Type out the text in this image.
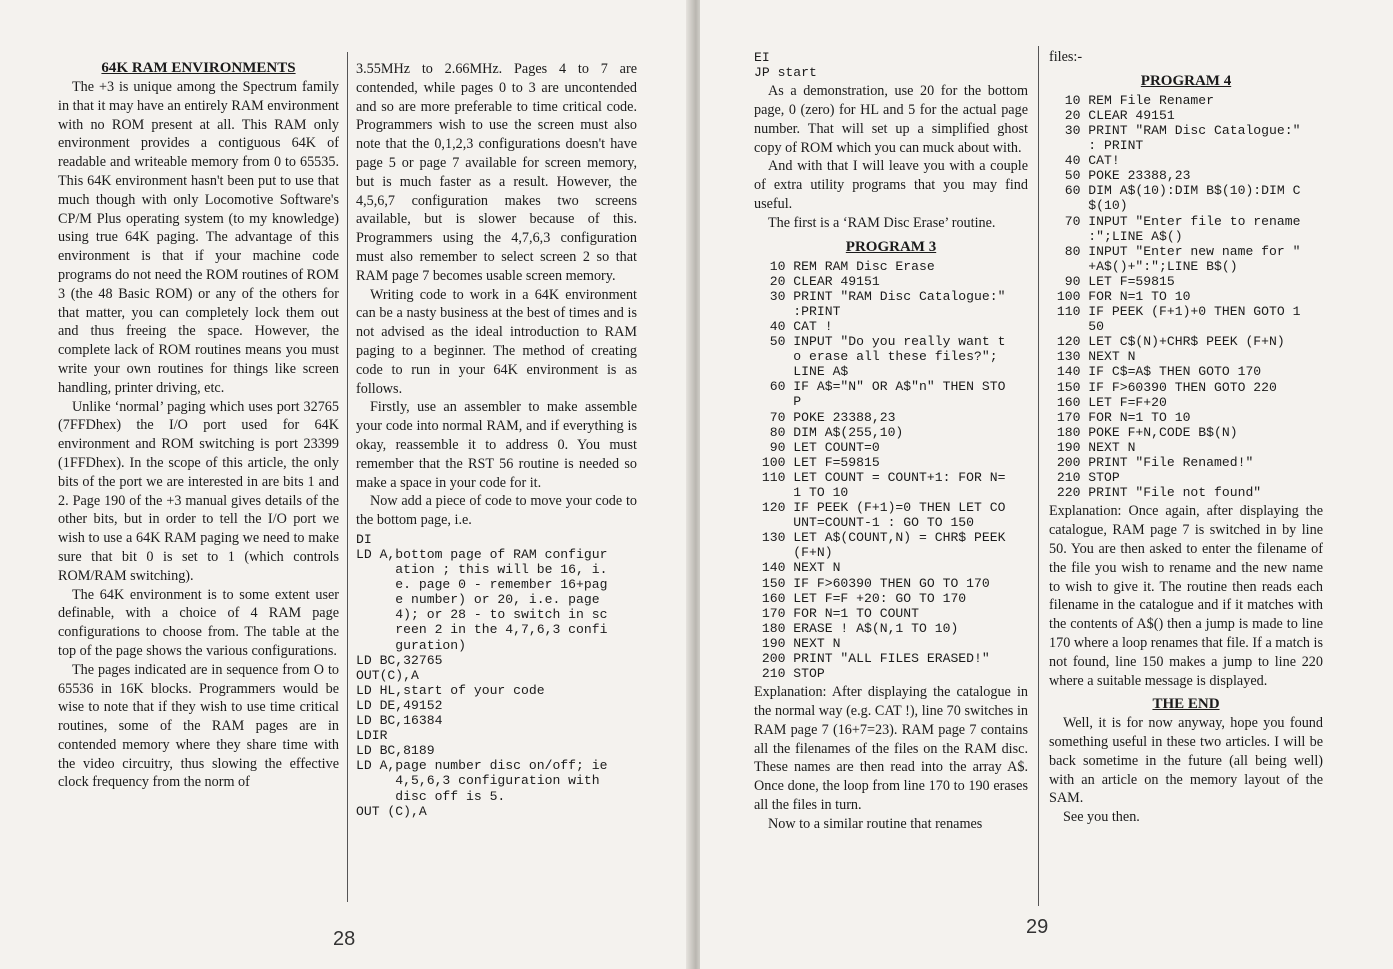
64K RAM ENVIRONMENTS

The +3 is unique among the Spectrum family in that it may have an entirely RAM environment with no ROM present at all. This RAM only environment provides a contiguous 64K of readable and writeable memory from 0 to 65535. This 64K environment hasn't been put to use that much though with only Locomotive Software's CP/M Plus operating system (to my knowledge) using true 64K paging. The advantage of this environment is that if your machine code programs do not need the ROM routines of ROM 3 (the 48 Basic ROM) or any of the others for that matter, you can completely lock them out and thus freeing the space. However, the complete lack of ROM routines means you must write your own routines for things like screen handling, printer driving, etc.

Unlike ‘normal’ paging which uses port 32765 (7FFDhex) the I/O port used for 64K environment and ROM switching is port 23399 (1FFDhex). In the scope of this article, the only bits of the port we are interested in are bits 1 and 2. Page 190 of the +3 manual gives details of the other bits, but in order to tell the I/O port we wish to use a 64K RAM paging we need to make sure that bit 0 is set to 1 (which controls ROM/RAM switching).

The 64K environment is to some extent user definable, with a choice of 4 RAM page configurations to choose from. The table at the top of the page shows the various configurations.

The pages indicated are in sequence from O to 65536 in 16K blocks. Programmers would be wise to note that if they wish to use time critical routines, some of the RAM pages are in contended memory where they share time with the video circuitry, thus slowing the effective clock frequency from the norm of

3.55MHz to 2.66MHz. Pages 4 to 7 are contended, while pages 0 to 3 are uncontended and so are more preferable to time critical code. Programmers wish to use the screen must also note that the 0,1,2,3 configurations doesn't have page 5 or page 7 available for screen memory, but is much faster as a result. However, the 4,5,6,7 configuration makes two screens available, but is slower because of this. Programmers using the 4,7,6,3 configuration must also remember to select screen 2 so that RAM page 7 becomes usable screen memory.

Writing code to work in a 64K environment can be a nasty business at the best of times and is not advised as the ideal introduction to RAM paging to a beginner. The method of creating code to run in your 64K environment is as follows.

Firstly, use an assembler to make assemble your code into normal RAM, and if everything is okay, reassemble it to address 0. You must remember that the RST 56 routine is needed so make a space in your code for it.

Now add a piece of code to move your code to the bottom page, i.e.

DI
LD A,bottom page of RAM configur
ation ; this will be 16, i.
e. page 0 - remember 16+pag
e number) or 20, i.e. page
4); or 28 - to switch in sc
reen 2 in the 4,7,6,3 confi
guration)
LD BC,32765
OUT(C),A
LD HL,start of your code
LD DE,49152
LD BC,16384
LDIR
LD BC,8189
LD A,page number disc on/off; ie
4,5,6,3 configuration with
disc off is 5.
OUT (C),A
28
EI
JP start

As a demonstration, use 20 for the bottom page, 0 (zero) for HL and 5 for the actual page number. That will set up a simplified ghost copy of ROM which you can muck about with.

And with that I will leave you with a couple of extra utility programs that you may find useful.

The first is a ‘RAM Disc Erase’ routine.

PROGRAM 3
10 REM RAM Disc Erase
20 CLEAR 49151
30 PRINT "RAM Disc Catalogue:"
:PRINT
40 CAT !
50 INPUT "Do you really want t
o erase all these files?";
LINE A$
60 IF A$="N" OR A$"n" THEN STO
P
70 POKE 23388,23
80 DIM A$(255,10)
90 LET COUNT=0
100 LET F=59815
110 LET COUNT = COUNT+1: FOR N=
1 TO 10
120 IF PEEK (F+1)=0 THEN LET CO
UNT=COUNT-1 : GO TO 150
130 LET A$(COUNT,N) = CHR$ PEEK
(F+N)
140 NEXT N
150 IF F>60390 THEN GO TO 170
160 LET F=F +20: GO TO 170
170 FOR N=1 TO COUNT
180 ERASE ! A$(N,1 TO 10)
190 NEXT N
200 PRINT "ALL FILES ERASED!"
210 STOP

Explanation: After displaying the catalogue in the normal way (e.g. CAT !), line 70 switches in RAM page 7 (16+7=23). RAM page 7 contains all the filenames of the files on the RAM disc. These names are then read into the array A$. Once done, the loop from line 170 to 190 erases all the files in turn.

Now to a similar routine that renames

files:-

PROGRAM 4
10 REM File Renamer
20 CLEAR 49151
30 PRINT "RAM Disc Catalogue:"
: PRINT
40 CAT!
50 POKE 23388,23
60 DIM A$(10):DIM B$(10):DIM C
$(10)
70 INPUT "Enter file to rename
:";LINE A$()
80 INPUT "Enter new name for "
+A$()+":";LINE B$()
90 LET F=59815
100 FOR N=1 TO 10
110 IF PEEK (F+1)+0 THEN GOTO 1
50
120 LET C$(N)+CHR$ PEEK (F+N)
130 NEXT N
140 IF C$=A$ THEN GOTO 170
150 IF F>60390 THEN GOTO 220
160 LET F=F+20
170 FOR N=1 TO 10
180 POKE F+N,CODE B$(N)
190 NEXT N
200 PRINT "File Renamed!"
210 STOP
220 PRINT "File not found"

Explanation: Once again, after displaying the catalogue, RAM page 7 is switched in by line 50. You are then asked to enter the filename of the file you wish to rename and the new name to wish to give it. The routine then reads each filename in the catalogue and if it matches with the contents of A$() then a jump is made to line 170 where a loop renames that file. If a match is not found, line 150 makes a jump to line 220 where a suitable message is displayed.

THE END

Well, it is for now anyway, hope you found something useful in these two articles. I will be back sometime in the future (all being well) with an article on the memory layout of the SAM.

See you then.

29
